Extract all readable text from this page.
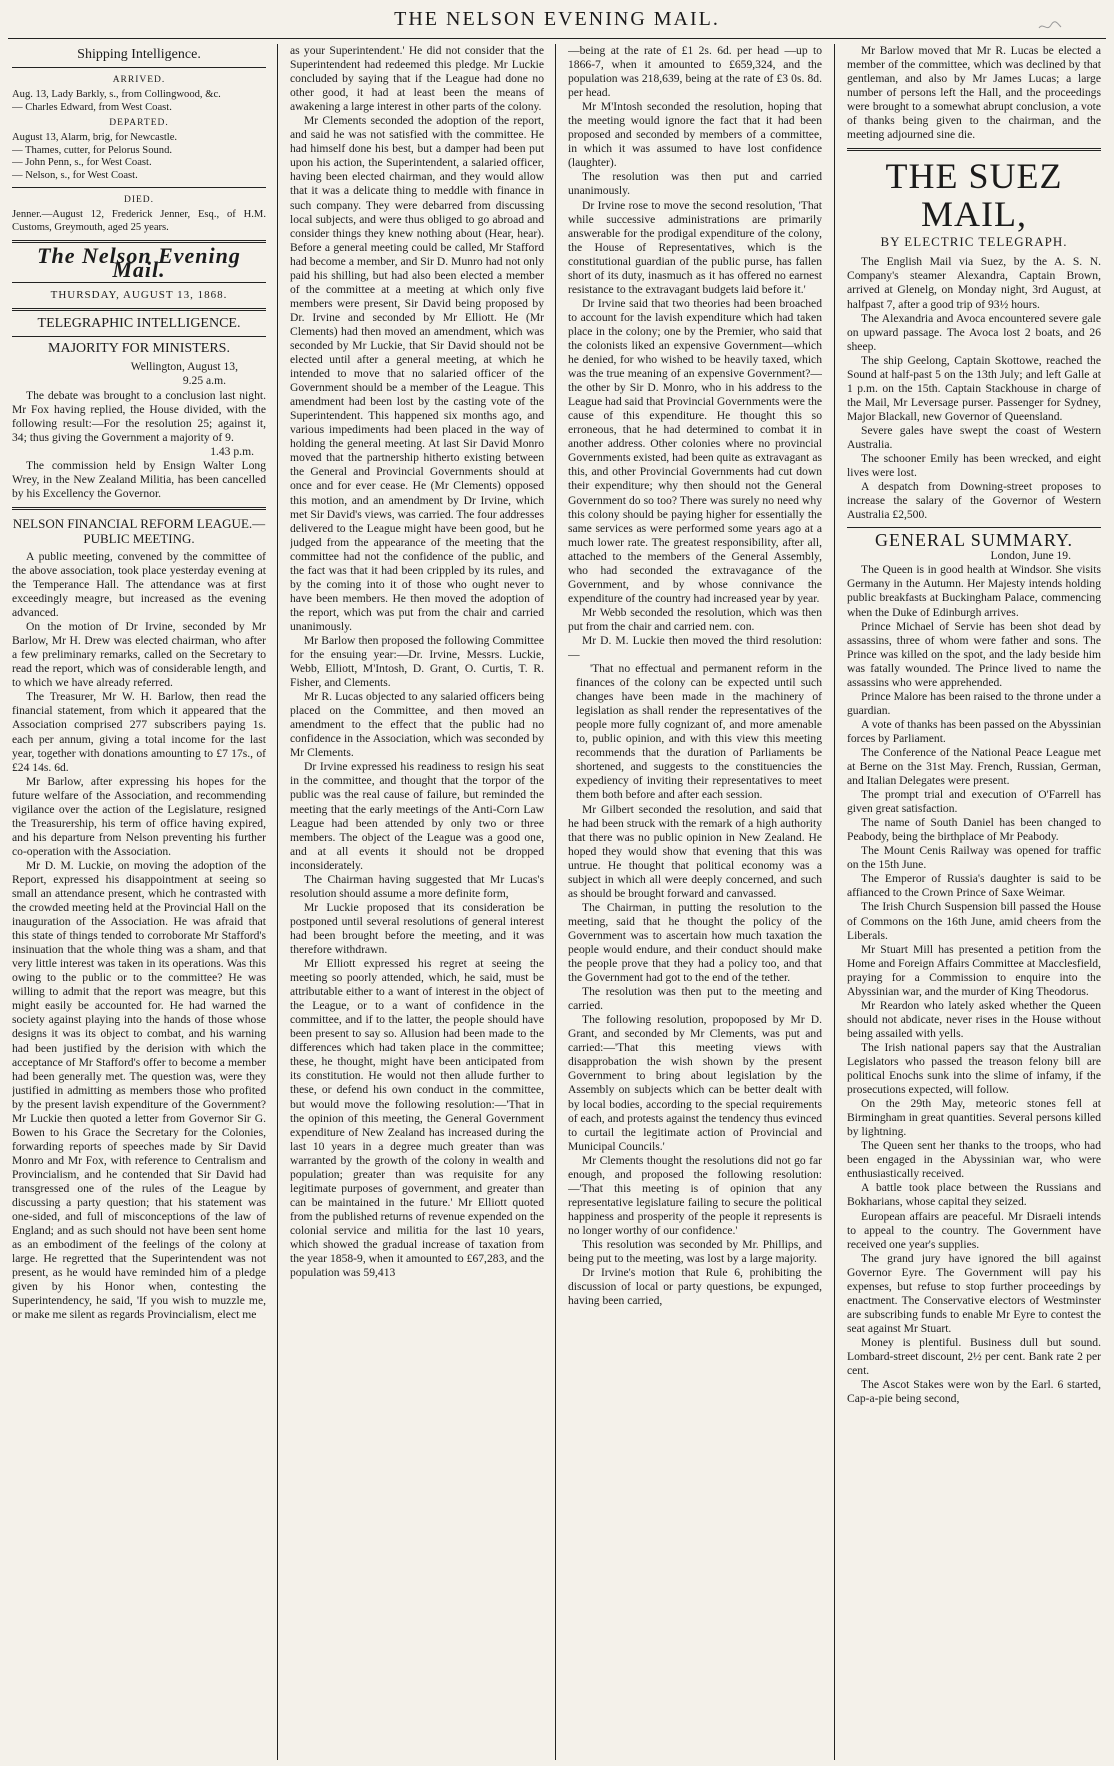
THE NELSON EVENING MAIL.
Shipping Intelligence.
ARRIVED.
Aug. 13, Lady Barkly, s., from Collingwood, &c.
— Charles Edward, from West Coast.
DEPARTED.
August 13, Alarm, brig, for Newcastle.
— Thames, cutter, for Pelorus Sound.
— John Penn, s., for West Coast.
— Nelson, s., for West Coast.
DIED.
Jenner.—August 12, Frederick Jenner, Esq., of H.M. Customs, Greymouth, aged 25 years.
The Nelson Evening Mail.
THURSDAY, AUGUST 13, 1868.
TELEGRAPHIC INTELLIGENCE.
MAJORITY FOR MINISTERS.
Wellington, August 13,
9.25 a.m.

The debate was brought to a conclusion last night. Mr Fox having replied, the House divided, with the following result:—For the resolution 25; against it, 34; thus giving the Government a majority of 9.

1.43 p.m.

The commission held by Ensign Walter Long Wrey, in the New Zealand Militia, has been cancelled by his Excellency the Governor.

NELSON FINANCIAL REFORM LEAGUE.—PUBLIC MEETING.

A public meeting, convened by the committee of the above association, took place yesterday evening at the Temperance Hall. The attendance was at first exceedingly meagre, but increased as the evening advanced.

On the motion of Dr Irvine, seconded by Mr Barlow, Mr H. Drew was elected chairman, who after a few preliminary remarks, called on the Secretary to read the report, which was of considerable length, and to which we have already referred.

The Treasurer, Mr W. H. Barlow, then read the financial statement, from which it appeared that the Association comprised 277 subscribers paying 1s. each per annum, giving a total income for the last year, together with donations amounting to £7 17s., of £24 14s. 6d.

Mr Barlow, after expressing his hopes for the future welfare of the Association, and recommending vigilance over the action of the Legislature, resigned the Treasurership, his term of office having expired, and his departure from Nelson preventing his further co-operation with the Association.

Mr D. M. Luckie, on moving the adoption of the Report, expressed his disappointment at seeing so small an attendance present, which he contrasted with the crowded meeting held at the Provincial Hall on the inauguration of the Association. He was afraid that this state of things tended to corroborate Mr Stafford's insinuation that the whole thing was a sham, and that very little interest was taken in its operations. Was this owing to the public or to the committee? He was willing to admit that the report was meagre, but this might easily be accounted for. He had warned the society against playing into the hands of those whose designs it was its object to combat, and his warning had been justified by the derision with which the acceptance of Mr Stafford's offer to become a member had been generally met. The question was, were they justified in admitting as members those who profited by the present lavish expenditure of the Government? Mr Luckie then quoted a letter from Governor Sir G. Bowen to his Grace the Secretary for the Colonies, forwarding reports of speeches made by Sir David Monro and Mr Fox, with reference to Centralism and Provincialism, and he contended that Sir David had transgressed one of the rules of the League by discussing a party question; that his statement was one-sided, and full of misconceptions of the law of England; and as such should not have been sent home as an embodiment of the feelings of the colony at large. He regretted that the Superintendent was not present, as he would have reminded him of a pledge given by his Honor when, contesting the Superintendency, he said, 'If you wish to muzzle me, or make me silent as regards Provincialism, elect me

as your Superintendent.' He did not consider that the Superintendent had redeemed this pledge. Mr Luckie concluded by saying that if the League had done no other good, it had at least been the means of awakening a large interest in other parts of the colony.

Mr Clements seconded the adoption of the report, and said he was not satisfied with the committee. He had himself done his best, but a damper had been put upon his action, the Superintendent, a salaried officer, having been elected chairman, and they would allow that it was a delicate thing to meddle with finance in such company. They were debarred from discussing local subjects, and were thus obliged to go abroad and consider things they knew nothing about (Hear, hear). Before a general meeting could be called, Mr Stafford had become a member, and Sir D. Munro had not only paid his shilling, but had also been elected a member of the committee at a meeting at which only five members were present, Sir David being proposed by Dr. Irvine and seconded by Mr Elliott. He (Mr Clements) had then moved an amendment, which was seconded by Mr Luckie, that Sir David should not be elected until after a general meeting, at which he intended to move that no salaried officer of the Government should be a member of the League. This amendment had been lost by the casting vote of the Superintendent. This happened six months ago, and various impediments had been placed in the way of holding the general meeting. At last Sir David Monro moved that the partnership hitherto existing between the General and Provincial Governments should at once and for ever cease. He (Mr Clements) opposed this motion, and an amendment by Dr Irvine, which met Sir David's views, was carried. The four addresses delivered to the League might have been good, but he judged from the appearance of the meeting that the committee had not the confidence of the public, and the fact was that it had been crippled by its rules, and by the coming into it of those who ought never to have been members. He then moved the adoption of the report, which was put from the chair and carried unanimously.

Mr Barlow then proposed the following Committee for the ensuing year:—Dr. Irvine, Messrs. Luckie, Webb, Elliott, M'Intosh, D. Grant, O. Curtis, T. R. Fisher, and Clements.

Mr R. Lucas objected to any salaried officers being placed on the Committee, and then moved an amendment to the effect that the public had no confidence in the Association, which was seconded by Mr Clements.

Dr Irvine expressed his readiness to resign his seat in the committee, and thought that the torpor of the public was the real cause of failure, but reminded the meeting that the early meetings of the Anti-Corn Law League had been attended by only two or three members. The object of the League was a good one, and at all events it should not be dropped inconsiderately.

The Chairman having suggested that Mr Lucas's resolution should assume a more definite form,

Mr Luckie proposed that its consideration be postponed until several resolutions of general interest had been brought before the meeting, and it was therefore withdrawn.

Mr Elliott expressed his regret at seeing the meeting so poorly attended, which, he said, must be attributable either to a want of interest in the object of the League, or to a want of confidence in the committee, and if to the latter, the people should have been present to say so. Allusion had been made to the differences which had taken place in the committee; these, he thought, might have been anticipated from its constitution. He would not then allude further to these, or defend his own conduct in the committee, but would move the following resolution:—'That in the opinion of this meeting, the General Government expenditure of New Zealand has increased during the last 10 years in a degree much greater than was warranted by the growth of the colony in wealth and population; greater than was requisite for any legitimate purposes of government, and greater than can be maintained in the future.' Mr Elliott quoted from the published returns of revenue expended on the colonial service and militia for the last 10 years, which showed the gradual increase of taxation from the year 1858-9, when it amounted to £67,283, and the population was 59,413

—being at the rate of £1 2s. 6d. per head —up to 1866-7, when it amounted to £659,324, and the population was 218,639, being at the rate of £3 0s. 8d. per head.

Mr M'Intosh seconded the resolution, hoping that the meeting would ignore the fact that it had been proposed and seconded by members of a committee, in which it was assumed to have lost confidence (laughter).

The resolution was then put and carried unanimously.

Dr Irvine rose to move the second resolution, 'That while successive administrations are primarily answerable for the prodigal expenditure of the colony, the House of Representatives, which is the constitutional guardian of the public purse, has fallen short of its duty, inasmuch as it has offered no earnest resistance to the extravagant budgets laid before it.'

Dr Irvine said that two theories had been broached to account for the lavish expenditure which had taken place in the colony; one by the Premier, who said that the colonists liked an expensive Government—which he denied, for who wished to be heavily taxed, which was the true meaning of an expensive Government?—the other by Sir D. Monro, who in his address to the League had said that Provincial Governments were the cause of this expenditure. He thought this so erroneous, that he had determined to combat it in another address. Other colonies where no provincial Governments existed, had been quite as extravagant as this, and other Provincial Governments had cut down their expenditure; why then should not the General Government do so too? There was surely no need why this colony should be paying higher for essentially the same services as were performed some years ago at a much lower rate. The greatest responsibility, after all, attached to the members of the General Assembly, who had seconded the extravagance of the Government, and by whose connivance the expenditure of the country had increased year by year.

Mr Webb seconded the resolution, which was then put from the chair and carried nem. con.

Mr D. M. Luckie then moved the third resolution:—

'That no effectual and permanent reform in the finances of the colony can be expected until such changes have been made in the machinery of legislation as shall render the representatives of the people more fully cognizant of, and more amenable to, public opinion, and with this view this meeting recommends that the duration of Parliaments be shortened, and suggests to the constituencies the expediency of inviting their representatives to meet them both before and after each session.

Mr Gilbert seconded the resolution, and said that he had been struck with the remark of a high authority that there was no public opinion in New Zealand. He hoped they would show that evening that this was untrue. He thought that political economy was a subject in which all were deeply concerned, and such as should be brought forward and canvassed.

The Chairman, in putting the resolution to the meeting, said that he thought the policy of the Government was to ascertain how much taxation the people would endure, and their conduct should make the people prove that they had a policy too, and that the Government had got to the end of the tether.

The resolution was then put to the meeting and carried.

The following resolution, propoposed by Mr D. Grant, and seconded by Mr Clements, was put and carried:—'That this meeting views with disapprobation the wish shown by the present Government to bring about legislation by the Assembly on subjects which can be better dealt with by local bodies, according to the special requirements of each, and protests against the tendency thus evinced to curtail the legitimate action of Provincial and Municipal Councils.'

Mr Clements thought the resolutions did not go far enough, and proposed the following resolution:—'That this meeting is of opinion that any representative legislature failing to secure the political happiness and prosperity of the people it represents is no longer worthy of our confidence.'

This resolution was seconded by Mr. Phillips, and being put to the meeting, was lost by a large majority.

Dr Irvine's motion that Rule 6, prohibiting the discussion of local or party questions, be expunged, having been carried,

Mr Barlow moved that Mr R. Lucas be elected a member of the committee, which was declined by that gentleman, and also by Mr James Lucas; a large number of persons left the Hall, and the proceedings were brought to a somewhat abrupt conclusion, a vote of thanks being given to the chairman, and the meeting adjourned sine die.

THE SUEZ MAIL,
BY ELECTRIC TELEGRAPH.

The English Mail via Suez, by the A. S. N. Company's steamer Alexandra, Captain Brown, arrived at Glenelg, on Monday night, 3rd August, at halfpast 7, after a good trip of 93½ hours.

The Alexandria and Avoca encountered severe gale on upward passage. The Avoca lost 2 boats, and 26 sheep.

The ship Geelong, Captain Skottowe, reached the Sound at half-past 5 on the 13th July; and left Galle at 1 p.m. on the 15th. Captain Stackhouse in charge of the Mail, Mr Leversage purser. Passenger for Sydney, Major Blackall, new Governor of Queensland.

Severe gales have swept the coast of Western Australia.

The schooner Emily has been wrecked, and eight lives were lost.

A despatch from Downing-street proposes to increase the salary of the Governor of Western Australia £2,500.

GENERAL SUMMARY.
London, June 19.

The Queen is in good health at Windsor. She visits Germany in the Autumn. Her Majesty intends holding public breakfasts at Buckingham Palace, commencing when the Duke of Edinburgh arrives.

Prince Michael of Servie has been shot dead by assassins, three of whom were father and sons. The Prince was killed on the spot, and the lady beside him was fatally wounded. The Prince lived to name the assassins who were apprehended.

Prince Malore has been raised to the throne under a guardian.

A vote of thanks has been passed on the Abyssinian forces by Parliament.

The Conference of the National Peace League met at Berne on the 31st May. French, Russian, German, and Italian Delegates were present.

The prompt trial and execution of O'Farrell has given great satisfaction.

The name of South Daniel has been changed to Peabody, being the birthplace of Mr Peabody.

The Mount Cenis Railway was opened for traffic on the 15th June.

The Emperor of Russia's daughter is said to be affianced to the Crown Prince of Saxe Weimar.

The Irish Church Suspension bill passed the House of Commons on the 16th June, amid cheers from the Liberals.

Mr Stuart Mill has presented a petition from the Home and Foreign Affairs Committee at Macclesfield, praying for a Commission to enquire into the Abyssinian war, and the murder of King Theodorus.

Mr Reardon who lately asked whether the Queen should not abdicate, never rises in the House without being assailed with yells.

The Irish national papers say that the Australian Legislators who passed the treason felony bill are political Enochs sunk into the slime of infamy, if the prosecutions expected, will follow.

On the 29th May, meteoric stones fell at Birmingham in great quantities. Several persons killed by lightning.

The Queen sent her thanks to the troops, who had been engaged in the Abyssinian war, who were enthusiastically received.

A battle took place between the Russians and Bokharians, whose capital they seized.

European affairs are peaceful. Mr Disraeli intends to appeal to the country. The Government have received one year's supplies.

The grand jury have ignored the bill against Governor Eyre. The Government will pay his expenses, but refuse to stop further proceedings by enactment. The Conservative electors of Westminster are subscribing funds to enable Mr Eyre to contest the seat against Mr Stuart.

Money is plentiful. Business dull but sound. Lombard-street discount, 2½ per cent. Bank rate 2 per cent.

The Ascot Stakes were won by the Earl. 6 started, Cap-a-pie being second,
